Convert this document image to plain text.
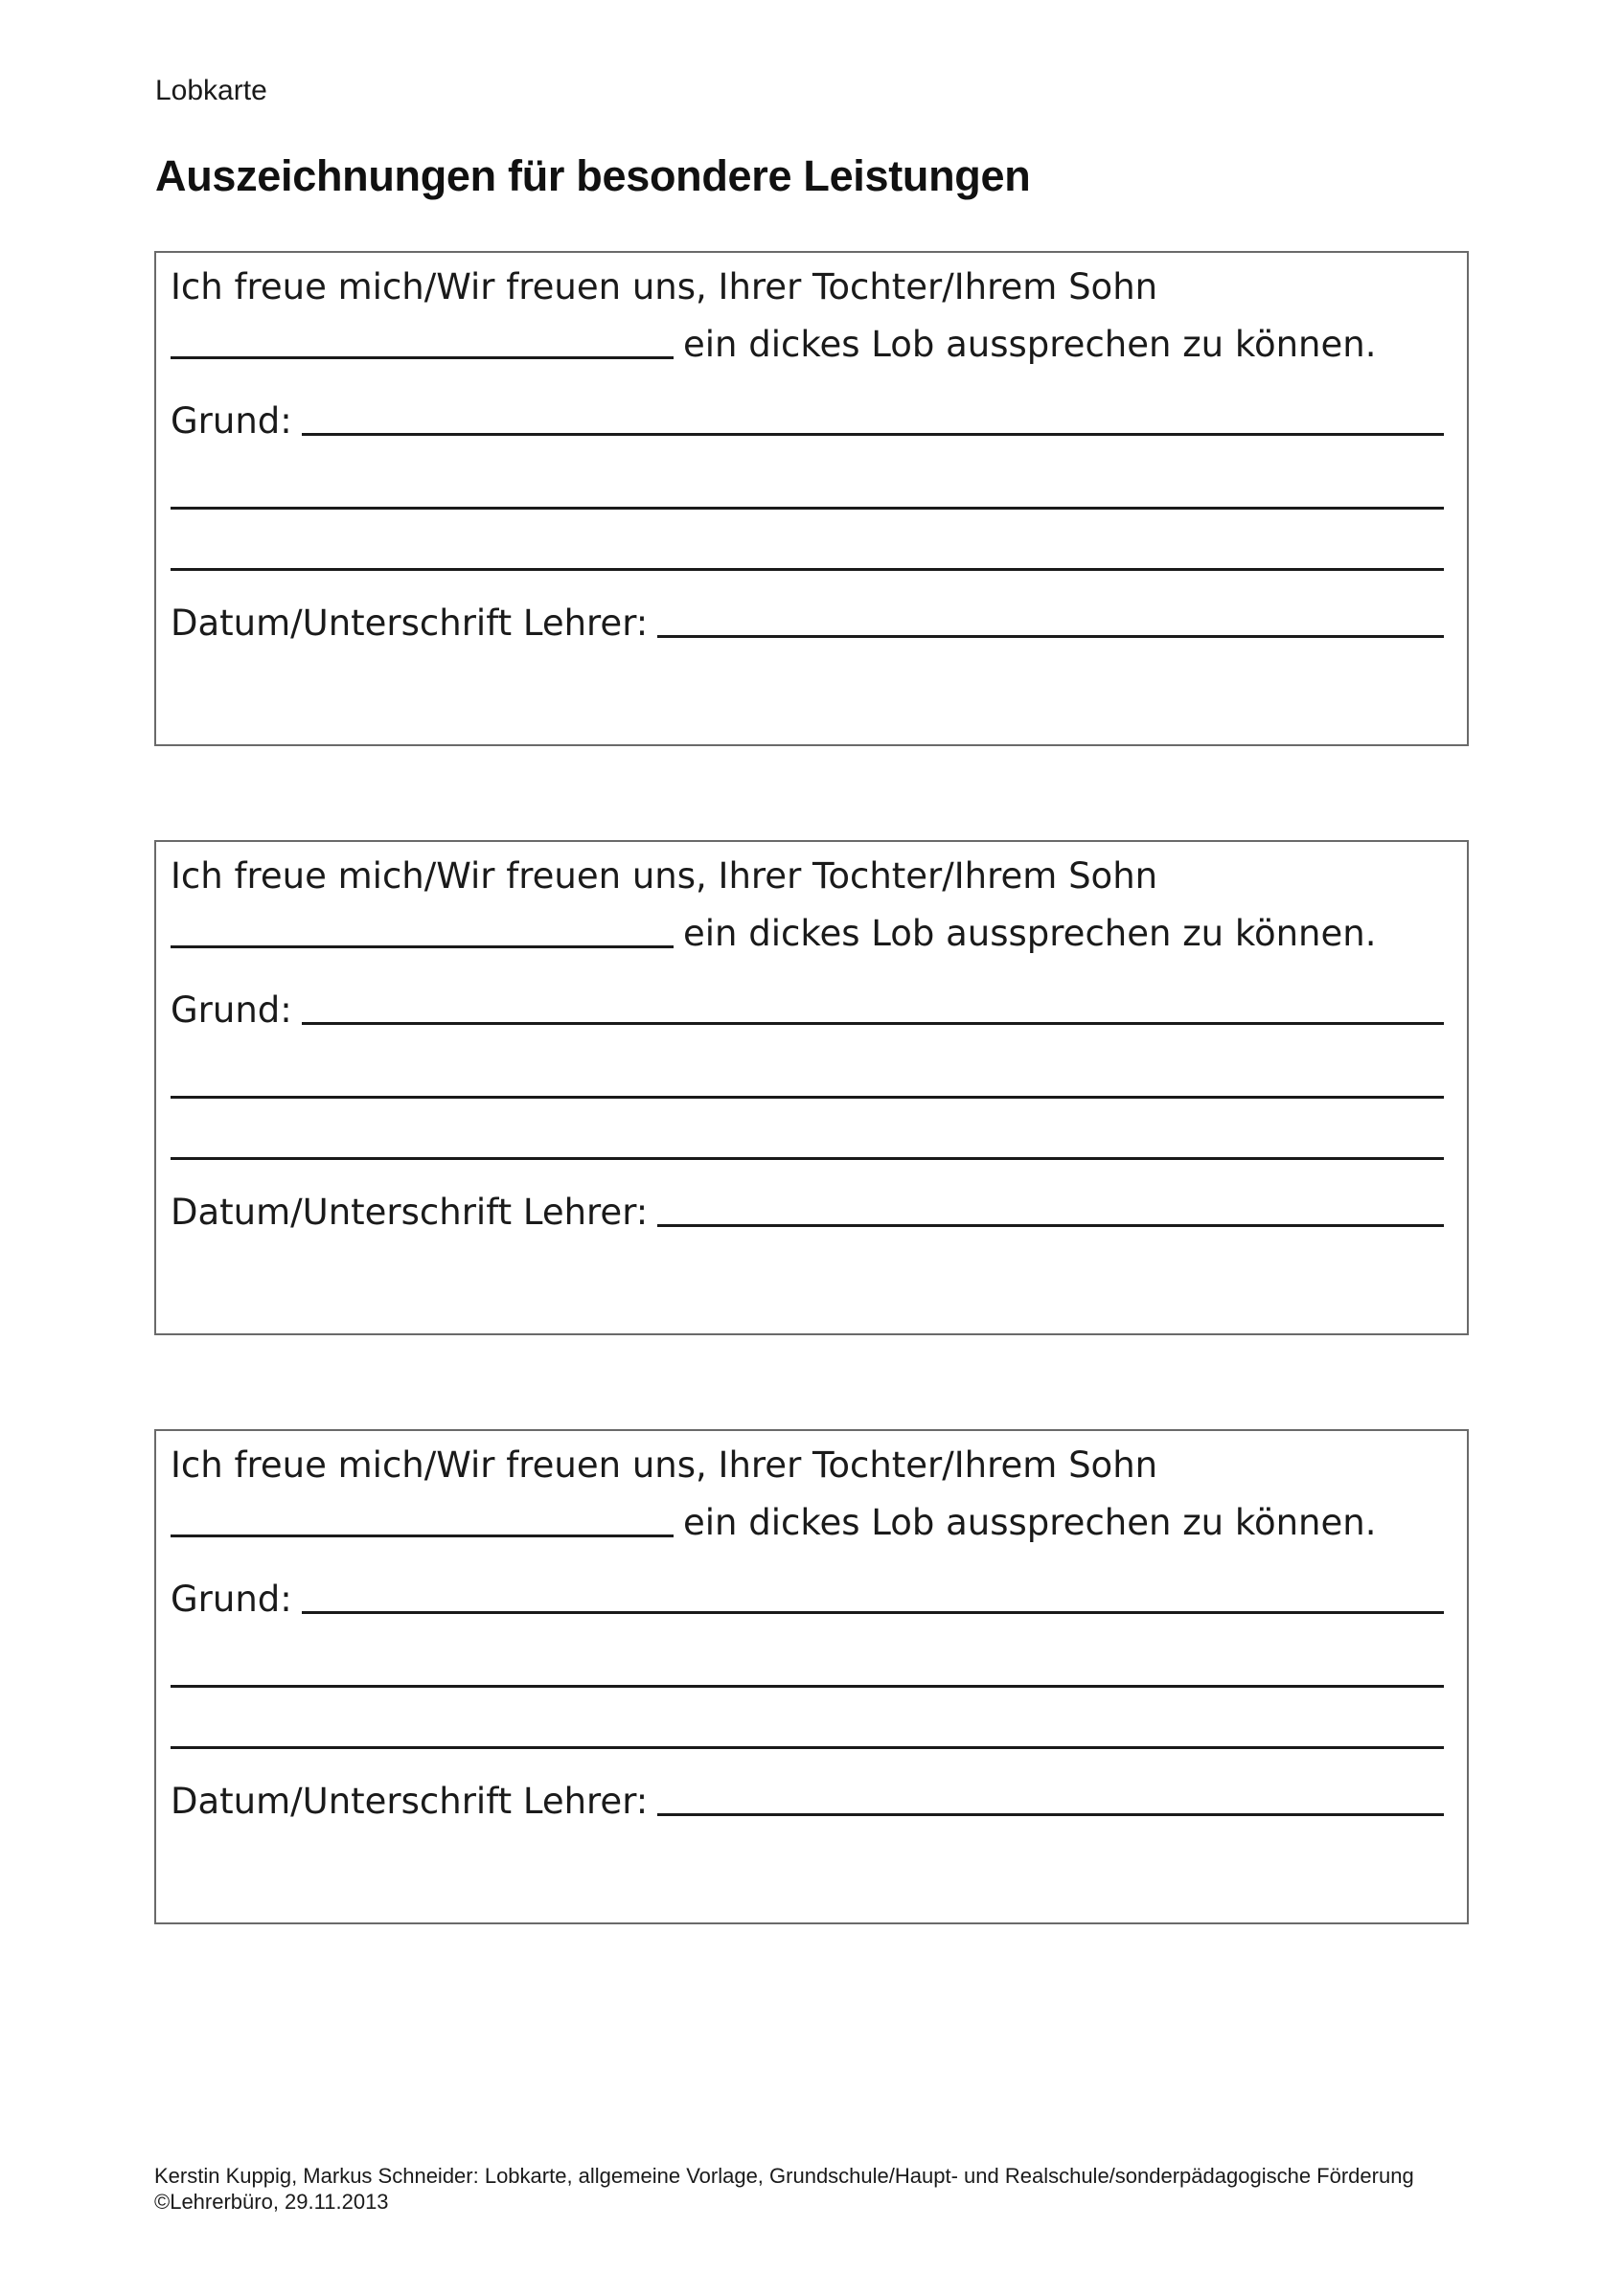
Lobkarte
Auszeichnungen für besondere Leistungen
Ich freue mich/Wir freuen uns, Ihrer Tochter/Ihrem Sohn
ein dickes Lob aussprechen zu können.
Grund:
Datum/Unterschrift Lehrer:
Ich freue mich/Wir freuen uns, Ihrer Tochter/Ihrem Sohn
ein dickes Lob aussprechen zu können.
Grund:
Datum/Unterschrift Lehrer:
Ich freue mich/Wir freuen uns, Ihrer Tochter/Ihrem Sohn
ein dickes Lob aussprechen zu können.
Grund:
Datum/Unterschrift Lehrer:
Kerstin Kuppig, Markus Schneider: Lobkarte, allgemeine Vorlage, Grundschule/Haupt- und Realschule/sonderpädagogische Förderung
©Lehrerbüro, 29.11.2013
